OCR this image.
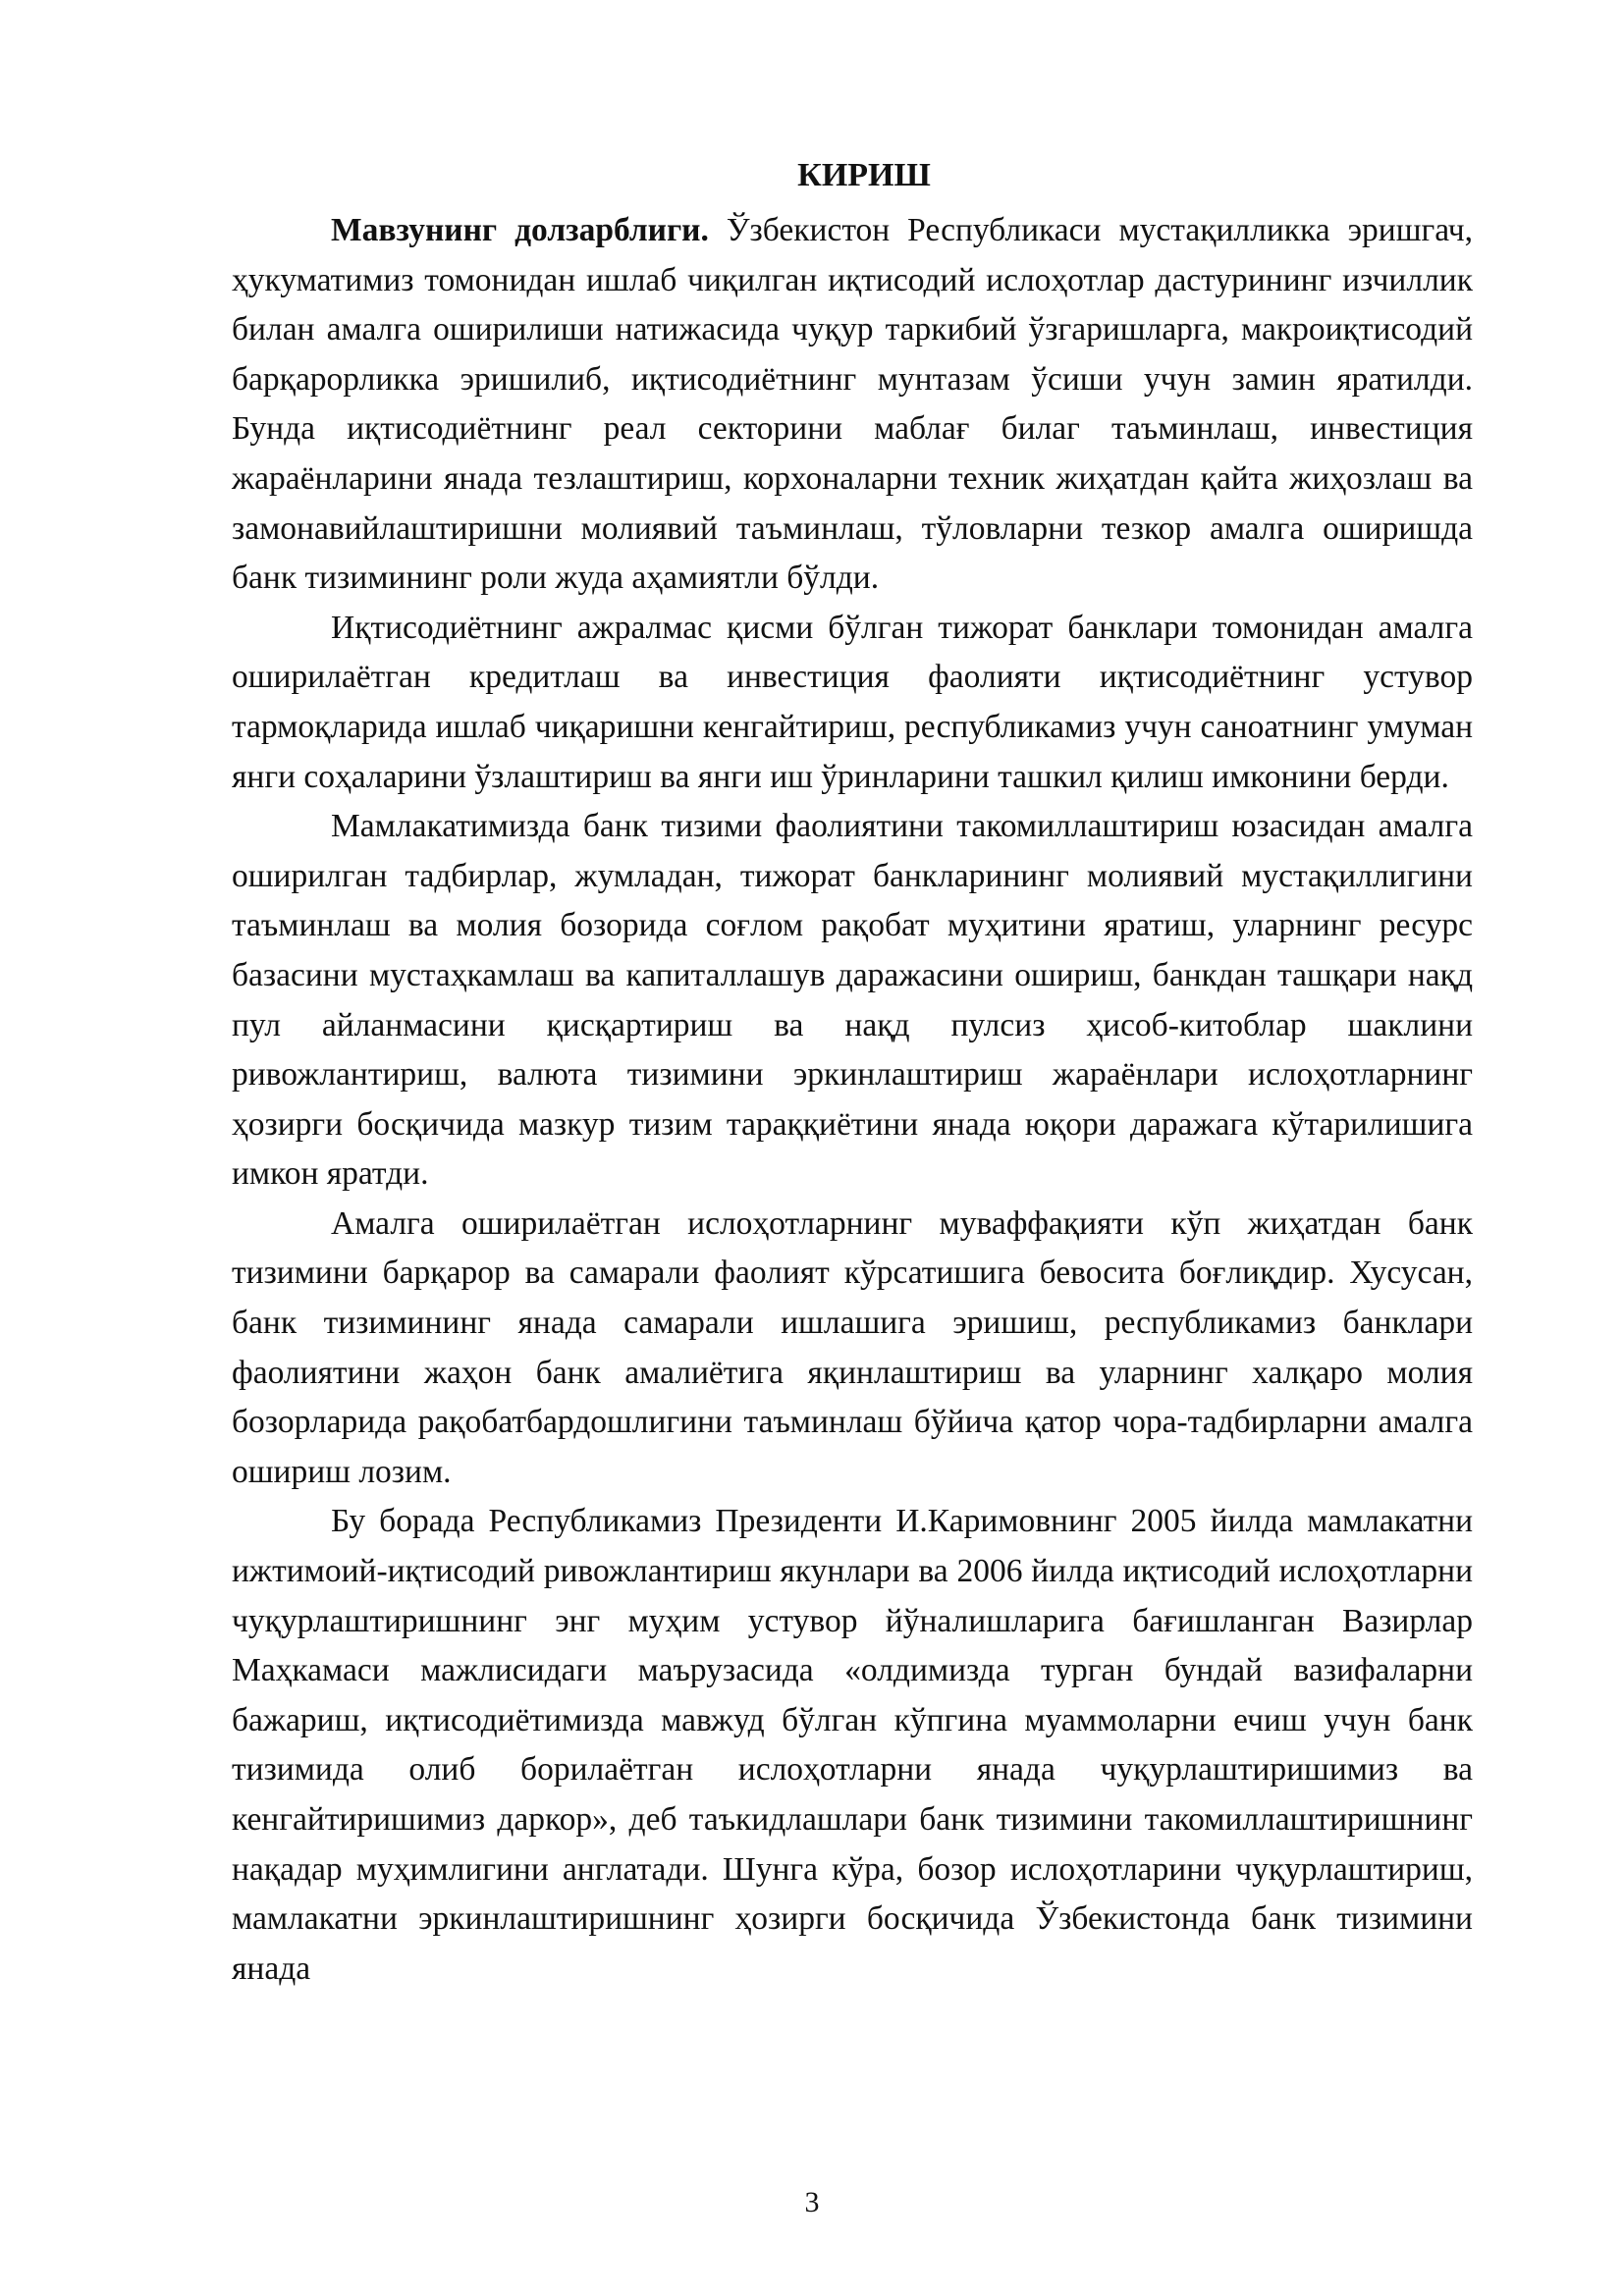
КИРИШ

Мавзунинг долзарблиги. Ўзбекистон Республикаси мустақилликка эришгач, ҳукуматимиз томонидан ишлаб чиқилган иқтисодий ислоҳотлар дастурининг изчиллик билан амалга оширилиши натижасида чуқур таркибий ўзгаришларга, макроиқтисодий барқарорликка эришилиб, иқтисодиётнинг мунтазам ўсиши учун замин яратилди. Бунда иқтисодиётнинг реал секторини маблағ билаг таъминлаш, инвестиция жараёнларини янада тезлаштириш, корхоналарни техник жиҳатдан қайта жиҳозлаш ва замонавийлаштиришни молиявий таъминлаш, тўловларни тезкор амалга оширишда банк тизимининг роли жуда аҳамиятли бўлди.

Иқтисодиётнинг ажралмас қисми бўлган тижорат банклари томонидан амалга оширилаётган кредитлаш ва инвестиция фаолияти иқтисодиётнинг устувор тармоқларида ишлаб чиқаришни кенгайтириш, республикамиз учун саноатнинг умуман янги соҳаларини ўзлаштириш ва янги иш ўринларини ташкил қилиш имконини берди.

Мамлакатимизда банк тизими фаолиятини такомиллаштириш юзасидан амалга оширилган тадбирлар, жумладан, тижорат банкларининг молиявий мустақиллигини таъминлаш ва молия бозорида соғлом рақобат муҳитини яратиш, уларнинг ресурс базасини мустаҳкамлаш ва капиталлашув даражасини ошириш, банкдан ташқари нақд пул айланмасини қисқартириш ва нақд пулсиз ҳисоб-китоблар шаклини ривожлантириш, валюта тизимини эркинлаштириш жараёнлари ислоҳотларнинг ҳозирги босқичида мазкур тизим тараққиётини янада юқори даражага кўтарилишига имкон яратди.

Амалга оширилаётган ислоҳотларнинг муваффақияти кўп жиҳатдан банк тизимини барқарор ва самарали фаолият кўрсатишига бевосита боғлиқдир. Хусусан, банк тизимининг янада самарали ишлашига эришиш, республикамиз банклари фаолиятини жаҳон банк амалиётига яқинлаштириш ва уларнинг халқаро молия бозорларида рақобатбардошлигини таъминлаш бўйича қатор чора-тадбирларни амалга ошириш лозим.

Бу борада Республикамиз Президенти И.Каримовнинг 2005 йилда мамлакатни ижтимоий-иқтисодий ривожлантириш якунлари ва 2006 йилда иқтисодий ислоҳотларни чуқурлаштиришнинг энг муҳим устувор йўналишларига бағишланган Вазирлар Маҳкамаси мажлисидаги маърузасида «олдимизда турган бундай вазифаларни бажариш, иқтисодиётимизда мавжуд бўлган кўпгина муаммоларни ечиш учун банк тизимида олиб борилаётган ислоҳотларни янада чуқурлаштиришимиз ва кенгайтиришимиз даркор», деб таъкидлашлари банк тизимини такомиллаштиришнинг нақадар муҳимлигини англатади. Шунга кўра, бозор ислоҳотларини чуқурлаштириш, мамлакатни эркинлаштиришнинг ҳозирги босқичида Ўзбекистонда банк тизимини янада

3
